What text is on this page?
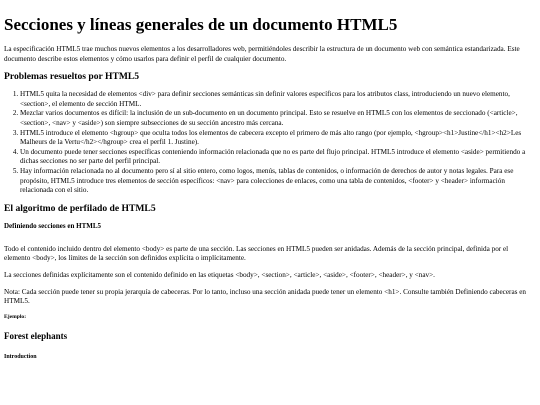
Secciones y líneas generales de un documento HTML5

La especificación HTML5 trae muchos nuevos elementos a los desarrolladores web, permitiéndoles describir la estructura de un documento web con semántica estandarizada. Este documento describe estos elementos y cómo usarlos para definir el perfil de cualquier documento.

Problemas resueltos por HTML5
1. HTML5 quita la necesidad de elementos <div> para definir secciones semánticas sin definir valores específicos para los atributos class, introduciendo un nuevo elemento, <section>, el elemento de sección HTML.
2. Mezclar varios documentos es difícil: la inclusión de un sub-documento en un documento principal. Esto se resuelve en HTML5 con los elementos de seccionado (<article>, <section>, <nav> y <aside>) son siempre subsecciones de su sección ancestro más cercana.
3. HTML5 introduce el elemento <hgroup> que oculta todos los elementos de cabecera excepto el primero de más alto rango (por ejemplo, <hgroup><h1>Justine</h1><h2>Les Malheurs de la Vertu</h2></hgroup> crea el perfil 1. Justine).
4. Un documento puede tener secciones específicas conteniendo información relacionada que no es parte del flujo principal. HTML5 introduce el elemento <aside> permitiendo a dichas secciones no ser parte del perfil principal.
5. Hay información relacionada no al documento pero sí al sitio entero, como logos, menús, tablas de contenidos, o información de derechos de autor y notas legales. Para ese propósito, HTML5 introduce tres elementos de sección específicos: <nav> para colecciones de enlaces, como una tabla de contenidos, <footer> y <header> información relacionada con el sitio.
El algoritmo de perfilado de HTML5
Definiendo secciones en HTML5

Todo el contenido incluido dentro del elemento <body> es parte de una sección. Las secciones en HTML5 pueden ser anidadas. Además de la sección principal, definida por el elemento <body>, los límites de la sección son definidos explícita o implícitamente.

La secciones definidas explícitamente son el contenido definido en las etiquetas <body>, <section>, <article>, <aside>, <footer>, <header>, y <nav>.

Nota: Cada sección puede tener su propia jerarquía de cabeceras. Por lo tanto, incluso una sección anidada puede tener un elemento <h1>. Consulte también Definiendo cabeceras en HTML5.

Ejemplo:
Forest elephants
Introduction
